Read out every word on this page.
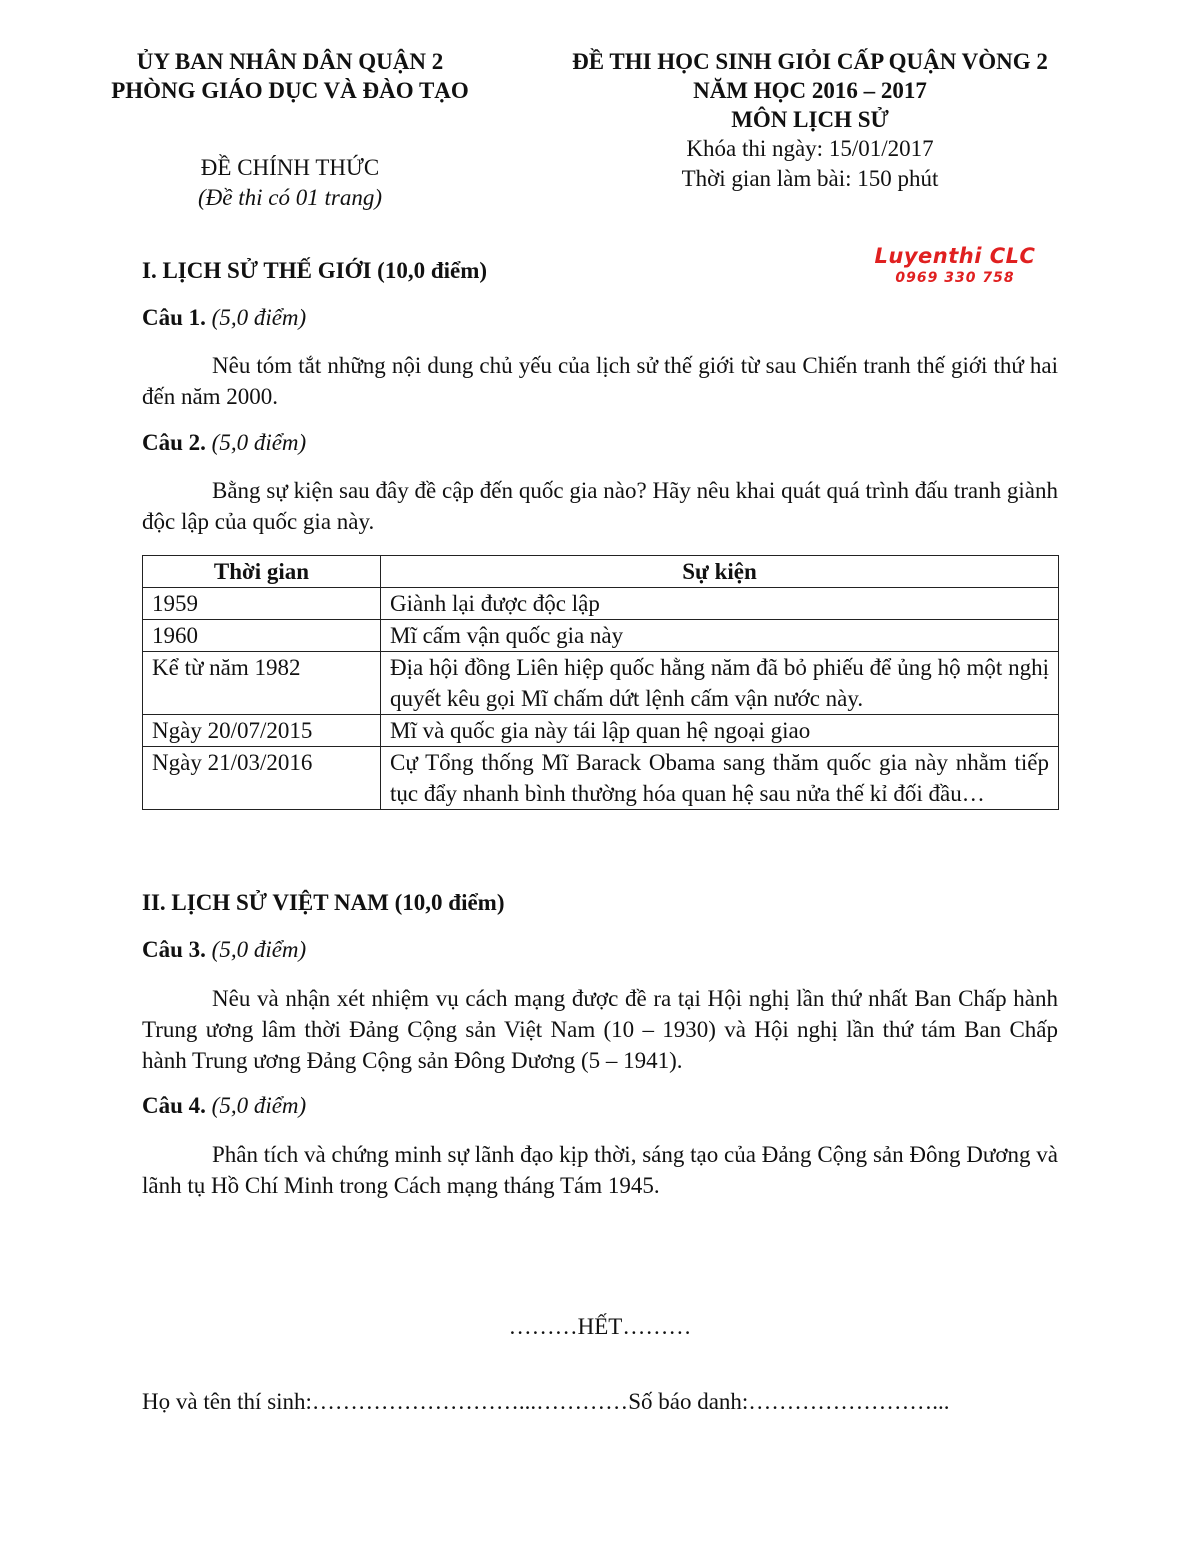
ỦY BAN NHÂN DÂN QUẬN 2
PHÒNG GIÁO DỤC VÀ ĐÀO TẠO
ĐỀ THI HỌC SINH GIỎI CẤP QUẬN VÒNG 2
NĂM HỌC 2016 – 2017
MÔN LỊCH SỬ
ĐỀ CHÍNH THỨC
(Đề thi có 01 trang)
Khóa thi ngày: 15/01/2017
Thời gian làm bài: 150 phút
Luyenthi CLC
0969 330 758
I. LỊCH SỬ THẾ GIỚI (10,0 điểm)
Câu 1. (5,0 điểm)
Nêu tóm tắt những nội dung chủ yếu của lịch sử thế giới từ sau Chiến tranh thế giới thứ hai đến năm 2000.
Câu 2. (5,0 điểm)
Bằng sự kiện sau đây đề cập đến quốc gia nào? Hãy nêu khai quát quá trình đấu tranh giành độc lập của quốc gia này.
Thời gian	Sự kiện
1959	Giành lại được độc lập
1960	Mĩ cấm vận quốc gia này
Kể từ năm 1982	Địa hội đồng Liên hiệp quốc hằng năm đã bỏ phiếu để ủng hộ một nghị quyết kêu gọi Mĩ chấm dứt lệnh cấm vận nước này.
Ngày 20/07/2015	Mĩ và quốc gia này tái lập quan hệ ngoại giao
Ngày 21/03/2016	Cự Tổng thống Mĩ Barack Obama sang thăm quốc gia này nhằm tiếp tục đẩy nhanh bình thường hóa quan hệ sau nửa thế kỉ đối đầu…
II. LỊCH SỬ VIỆT NAM (10,0 điểm)
Câu 3. (5,0 điểm)
Nêu và nhận xét nhiệm vụ cách mạng được đề ra tại Hội nghị lần thứ nhất Ban Chấp hành Trung ương lâm thời Đảng Cộng sản Việt Nam (10 – 1930) và Hội nghị lần thứ tám Ban Chấp hành Trung ương Đảng Cộng sản Đông Dương (5 – 1941).
Câu 4. (5,0 điểm)
Phân tích và chứng minh sự lãnh đạo kịp thời, sáng tạo của Đảng Cộng sản Đông Dương và lãnh tụ Hồ Chí Minh trong Cách mạng tháng Tám 1945.
………HẾT………
Họ và tên thí sinh:………………………...…………Số báo danh:……………………...
